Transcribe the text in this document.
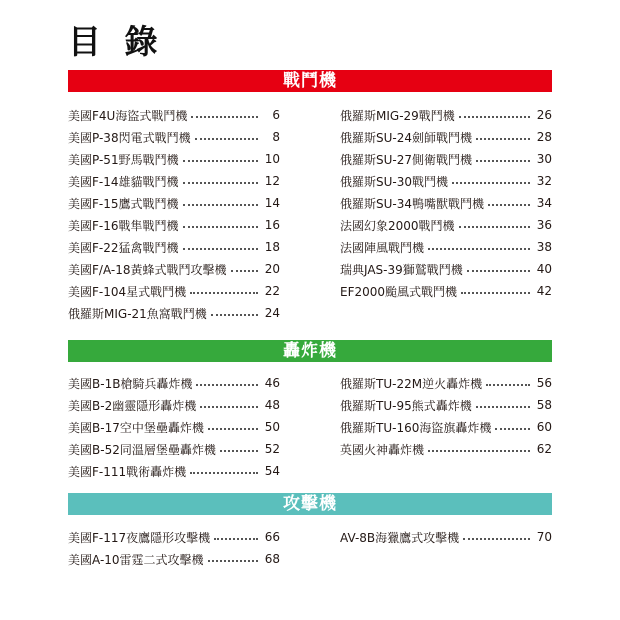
目 錄
戰鬥機
轟炸機
攻擊機
美國F4U海盜式戰鬥機	6
美國P-38閃電式戰鬥機	8
美國P-51野馬戰鬥機	10
美國F-14雄貓戰鬥機	12
美國F-15鷹式戰鬥機	14
美國F-16戰隼戰鬥機	16
美國F-22猛禽戰鬥機	18
美國F/A-18黃蜂式戰鬥攻擊機	20
美國F-104星式戰鬥機	22
俄羅斯MIG-21魚窩戰鬥機	24
俄羅斯MIG-29戰鬥機	26
俄羅斯SU-24劍師戰鬥機	28
俄羅斯SU-27側衛戰鬥機	30
俄羅斯SU-30戰鬥機	32
俄羅斯SU-34鴨嘴獸戰鬥機	34
法國幻象2000戰鬥機	36
法國陣風戰鬥機	38
瑞典JAS-39獅鷲戰鬥機	40
EF2000颱風式戰鬥機	42
美國B-1B槍騎兵轟炸機	46
美國B-2幽靈隱形轟炸機	48
美國B-17空中堡壘轟炸機	50
美國B-52同溫層堡壘轟炸機	52
美國F-111戰術轟炸機	54
俄羅斯TU-22M逆火轟炸機	56
俄羅斯TU-95熊式轟炸機	58
俄羅斯TU-160海盜旗轟炸機	60
英國火神轟炸機	62
美國F-117夜鷹隱形攻擊機	66
美國A-10雷霆二式攻擊機	68
AV-8B海獵鷹式攻擊機	70
